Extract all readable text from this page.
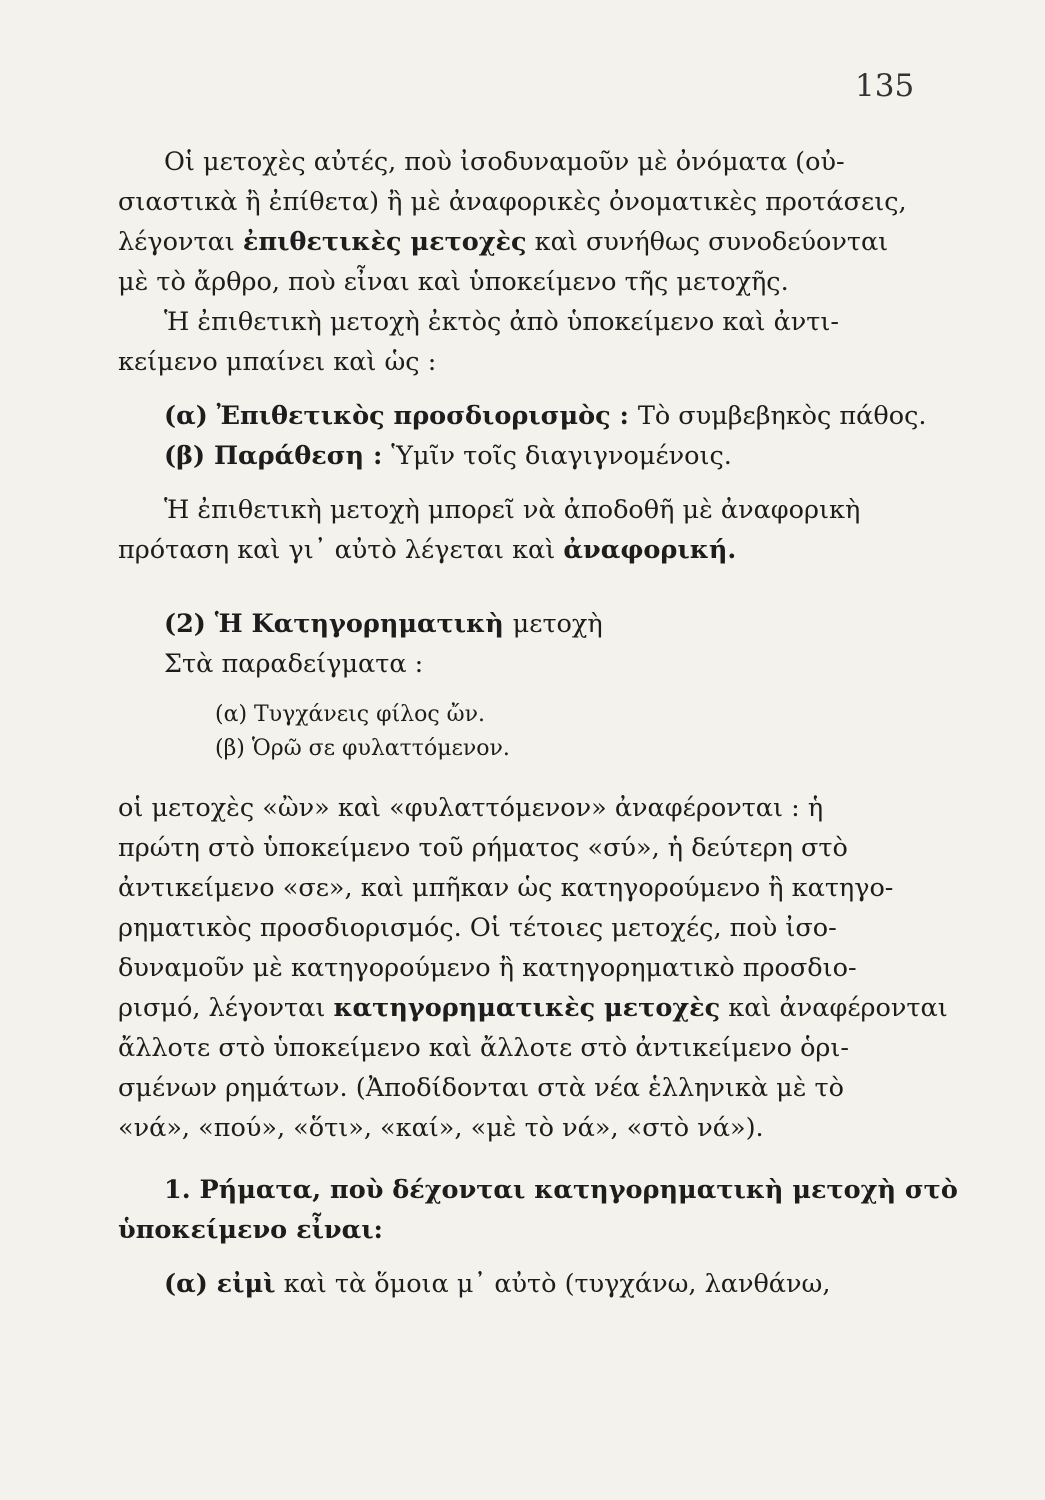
135
Οἱ μετοχὲς αὐτές, ποὺ ἰσοδυναμοῦν μὲ ὀνόματα (οὐ-
σιαστικὰ ἢ ἐπίθετα) ἢ μὲ ἀναφορικὲς ὀνοματικὲς προτάσεις,
λέγονται ἐπιθετικὲς μετοχὲς καὶ συνήθως συνοδεύονται
μὲ τὸ ἄρθρο, ποὺ εἶναι καὶ ὑποκείμενο τῆς μετοχῆς.
Ἡ ἐπιθετικὴ μετοχὴ ἐκτὸς ἀπὸ ὑποκείμενο καὶ ἀντι-
κείμενο μπαίνει καὶ ὡς :
(α) Ἐπιθετικὸς προσδιορισμὸς : Τὸ συμβεβηκὸς πάθος.
(β) Παράθεση : Ὑμῖν τοῖς διαγιγνομένοις.
Ἡ ἐπιθετικὴ μετοχὴ μπορεῖ νὰ ἀποδοθῆ μὲ ἀναφορικὴ
πρόταση καὶ γι᾽ αὐτὸ λέγεται καὶ ἀναφορική.
(2) Ἡ Κατηγορηματικὴ μετοχὴ
Στὰ παραδείγματα :
(α) Τυγχάνεις φίλος ὤν.
(β) Ὁρῶ σε φυλαττόμενον.
οἱ μετοχὲς «ὢν» καὶ «φυλαττόμενον» ἀναφέρονται : ἡ
πρώτη στὸ ὑποκείμενο τοῦ ρήματος «σύ», ἡ δεύτερη στὸ
ἀντικείμενο «σε», καὶ μπῆκαν ὡς κατηγορούμενο ἢ κατηγο-
ρηματικὸς προσδιορισμός. Οἱ τέτοιες μετοχές, ποὺ ἰσο-
δυναμοῦν μὲ κατηγορούμενο ἢ κατηγορηματικὸ προσδιο-
ρισμό, λέγονται κατηγορηματικὲς μετοχὲς καὶ ἀναφέρονται
ἄλλοτε στὸ ὑποκείμενο καὶ ἄλλοτε στὸ ἀντικείμενο ὁρι-
σμένων ρημάτων. (Ἀποδίδονται στὰ νέα ἑλληνικὰ μὲ τὸ
«νά», «πού», «ὅτι», «καί», «μὲ τὸ νά», «στὸ νά»).
1. Ρήματα, ποὺ δέχονται κατηγορηματικὴ μετοχὴ στὸ
ὑποκείμενο εἶναι:
(α) εἰμὶ καὶ τὰ ὅμοια μ᾽ αὐτὸ (τυγχάνω, λανθάνω,
